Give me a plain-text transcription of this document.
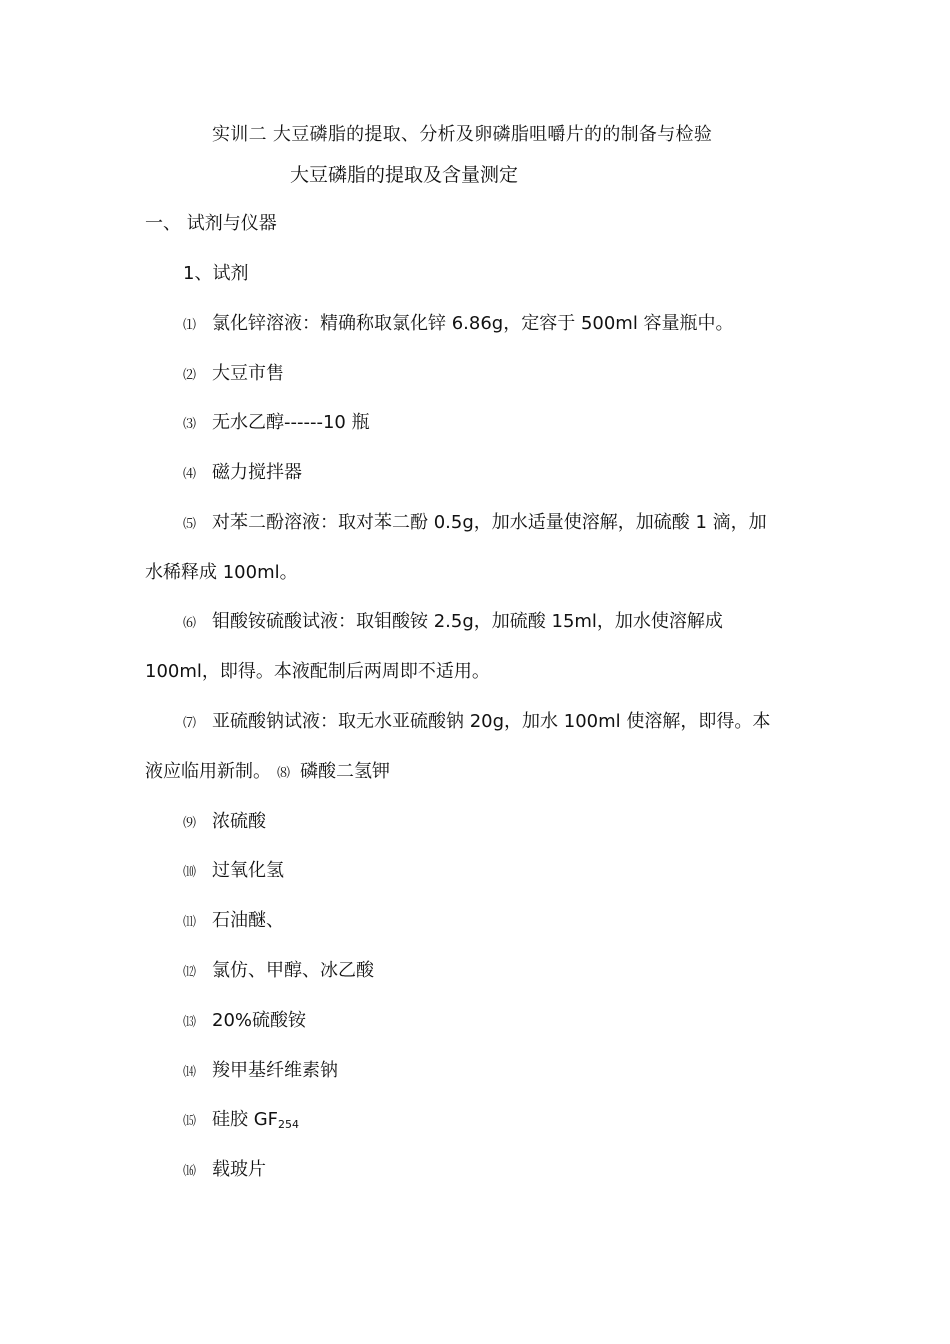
实训二 大豆磷脂的提取、分析及卵磷脂咀嚼片的的制备与检验
大豆磷脂的提取及含量测定
一、 试剂与仪器
1、试剂
⑴ 氯化锌溶液：精确称取氯化锌 6.86g，定容于 500ml 容量瓶中。
⑵ 大豆市售
⑶ 无水乙醇------10 瓶
⑷ 磁力搅拌器
⑸ 对苯二酚溶液：取对苯二酚 0.5g，加水适量使溶解，加硫酸 1 滴，加
水稀释成 100ml。
⑹ 钼酸铵硫酸试液：取钼酸铵 2.5g，加硫酸 15ml，加水使溶解成
100ml，即得。本液配制后两周即不适用。
⑺ 亚硫酸钠试液：取无水亚硫酸钠 20g，加水 100ml 使溶解，即得。本
液应临用新制。 ⑻ 磷酸二氢钾
⑼ 浓硫酸
⑽ 过氧化氢
⑾ 石油醚、
⑿ 氯仿、甲醇、冰乙酸
⒀ 20%硫酸铵
⒁ 羧甲基纤维素钠
⒂ 硅胶 $GF_{254}$
⒃ 载玻片
